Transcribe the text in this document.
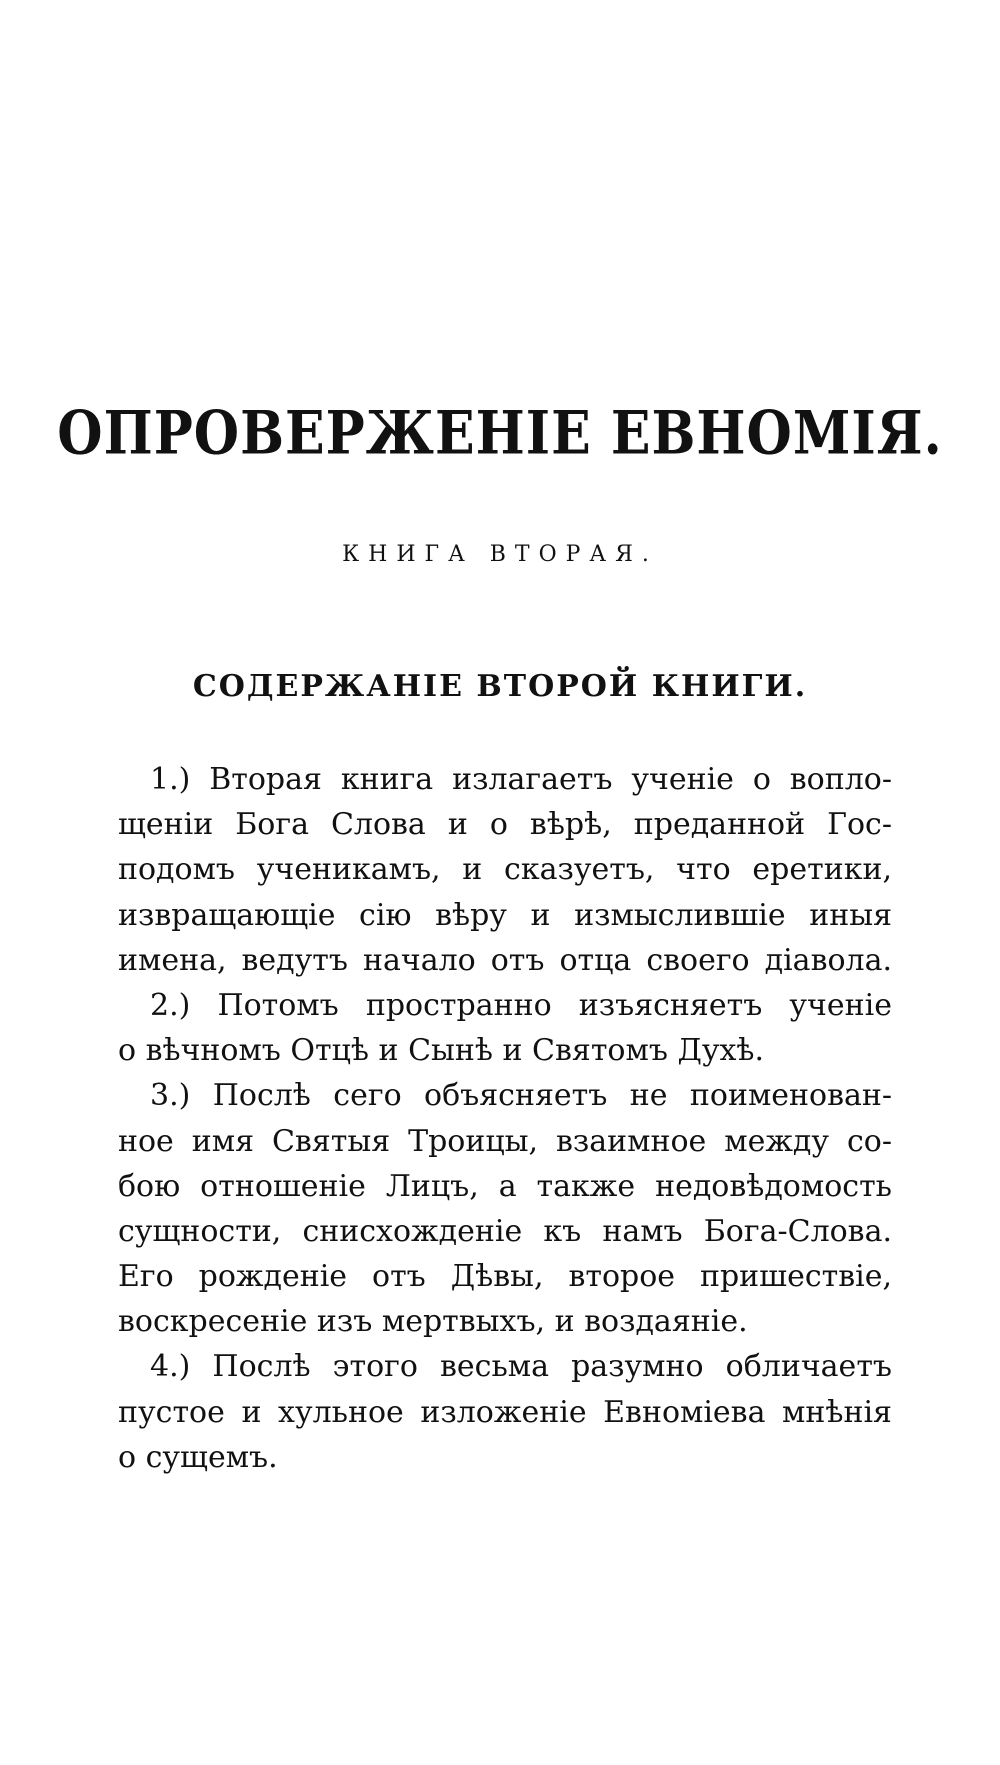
ОПРОВЕРЖЕНІЕ ЕВНОМІЯ.
КНИГА ВТОРАЯ.
СОДЕРЖАНІЕ ВТОРОЙ КНИГИ.
1.) Вторая книга излагаетъ ученіе о вопло-
щеніи Бога Слова и о вѣрѣ, преданной Гос-
подомъ ученикамъ, и сказуетъ, что еретики,
извращающіе сію вѣру и измыслившіе иныя
имена, ведутъ начало отъ отца своего діавола.
2.) Потомъ пространно изъясняетъ ученіе
о вѣчномъ Отцѣ и Сынѣ и Святомъ Духѣ.
3.) Послѣ сего объясняетъ не поименован-
ное имя Святыя Троицы, взаимное между со-
бою отношеніе Лицъ, а также недовѣдомость
сущности, снисхожденіе къ намъ Бога-Слова.
Его рожденіе отъ Дѣвы, второе пришествіе,
воскресеніе изъ мертвыхъ, и воздаяніе.
4.) Послѣ этого весьма разумно обличаетъ
пустое и хульное изложеніе Евноміева мнѣнія
о сущемъ.
